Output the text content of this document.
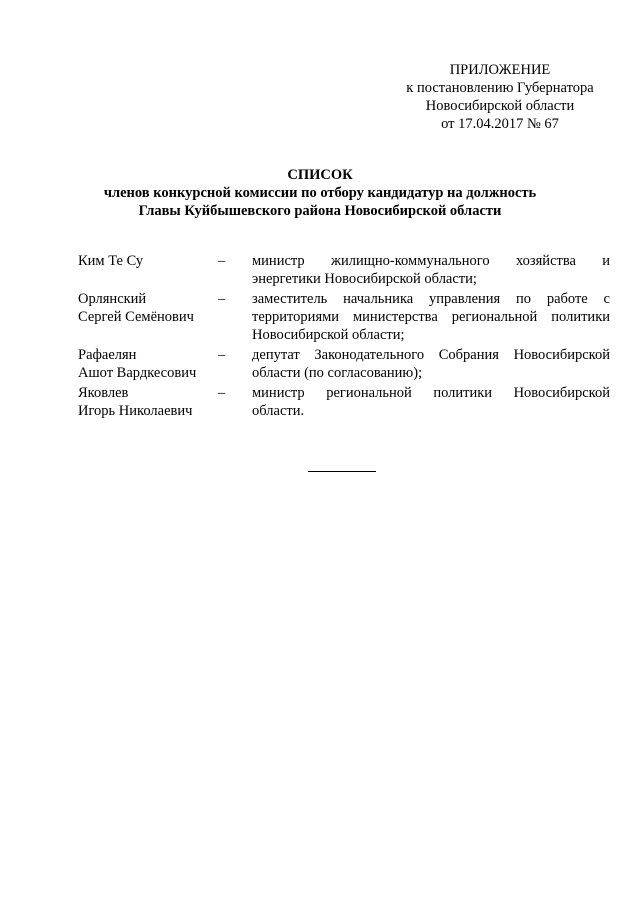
ПРИЛОЖЕНИЕ
к постановлению Губернатора
Новосибирской области
от 17.04.2017 № 67
СПИСОК
членов конкурсной комиссии по отбору кандидатур на должность
Главы Куйбышевского района Новосибирской области
Ким Те Су	–	министр жилищно-коммунального хозяйства и
энергетики Новосибирской области;
Орлянский
Сергей Семёнович
–	заместитель начальника управления по работе с
территориями министерства региональной политики
Новосибирской области;
Рафаелян
Ашот Вардкесович
–	депутат Законодательного Собрания Новосибирской
области (по согласованию);
Яковлев
Игорь Николаевич
–	министр региональной политики Новосибирской
области.
